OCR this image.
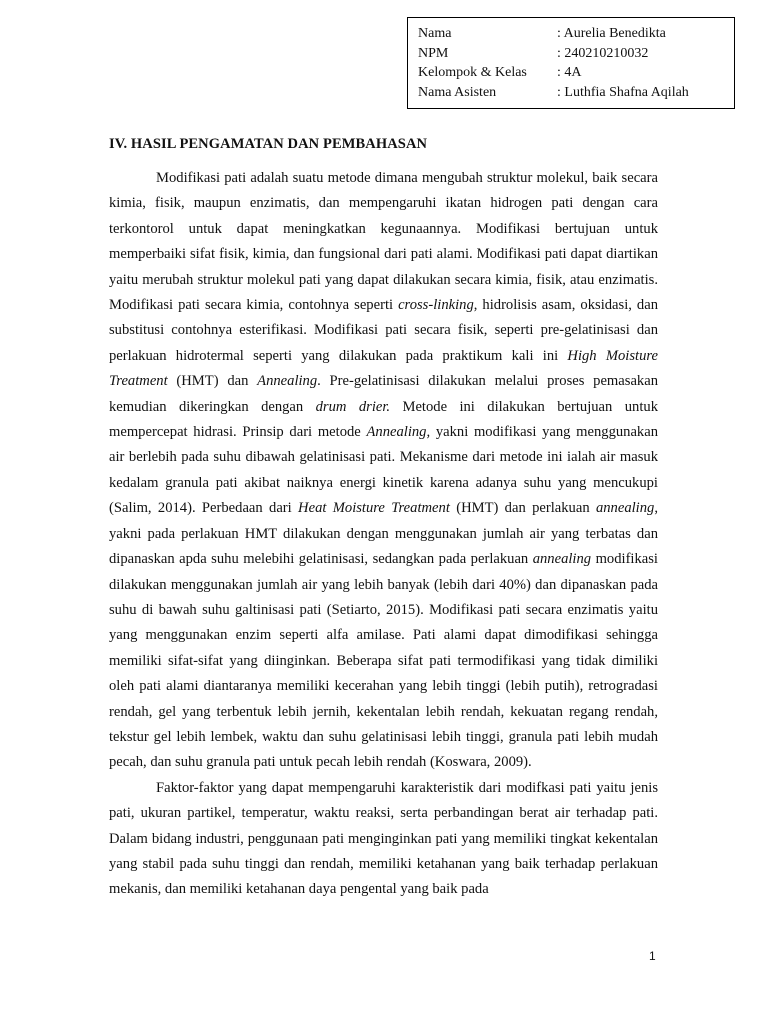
Nama	: Aurelia Benedikta
NPM	: 240210210032
Kelompok & Kelas	: 4A
Nama Asisten	: Luthfia Shafna Aqilah
IV. HASIL PENGAMATAN DAN PEMBAHASAN

Modifikasi pati adalah suatu metode dimana mengubah struktur molekul, baik secara kimia, fisik, maupun enzimatis, dan mempengaruhi ikatan hidrogen pati dengan cara terkontorol untuk dapat meningkatkan kegunaannya. Modifikasi bertujuan untuk memperbaiki sifat fisik, kimia, dan fungsional dari pati alami. Modifikasi pati dapat diartikan yaitu merubah struktur molekul pati yang dapat dilakukan secara kimia, fisik, atau enzimatis. Modifikasi pati secara kimia, contohnya seperti cross-linking, hidrolisis asam, oksidasi, dan substitusi contohnya esterifikasi. Modifikasi pati secara fisik, seperti pre-gelatinisasi dan perlakuan hidrotermal seperti yang dilakukan pada praktikum kali ini High Moisture Treatment (HMT) dan Annealing. Pre-gelatinisasi dilakukan melalui proses pemasakan kemudian dikeringkan dengan drum drier. Metode ini dilakukan bertujuan untuk mempercepat hidrasi. Prinsip dari metode Annealing, yakni modifikasi yang menggunakan air berlebih pada suhu dibawah gelatinisasi pati. Mekanisme dari metode ini ialah air masuk kedalam granula pati akibat naiknya energi kinetik karena adanya suhu yang mencukupi (Salim, 2014). Perbedaan dari Heat Moisture Treatment (HMT) dan perlakuan annealing, yakni pada perlakuan HMT dilakukan dengan menggunakan jumlah air yang terbatas dan dipanaskan apda suhu melebihi gelatinisasi, sedangkan pada perlakuan annealing modifikasi dilakukan menggunakan jumlah air yang lebih banyak (lebih dari 40%) dan dipanaskan pada suhu di bawah suhu galtinisasi pati (Setiarto, 2015). Modifikasi pati secara enzimatis yaitu yang menggunakan enzim seperti alfa amilase. Pati alami dapat dimodifikasi sehingga memiliki sifat-sifat yang diinginkan. Beberapa sifat pati termodifikasi yang tidak dimiliki oleh pati alami diantaranya memiliki kecerahan yang lebih tinggi (lebih putih), retrogradasi rendah, gel yang terbentuk lebih jernih, kekentalan lebih rendah, kekuatan regang rendah, tekstur gel lebih lembek, waktu dan suhu gelatinisasi lebih tinggi, granula pati lebih mudah pecah, dan suhu granula pati untuk pecah lebih rendah (Koswara, 2009).

Faktor-faktor yang dapat mempengaruhi karakteristik dari modifkasi pati yaitu jenis pati, ukuran partikel, temperatur, waktu reaksi, serta perbandingan berat air terhadap pati. Dalam bidang industri, penggunaan pati menginginkan pati yang memiliki tingkat kekentalan yang stabil pada suhu tinggi dan rendah, memiliki ketahanan yang baik terhadap perlakuan mekanis, dan memiliki ketahanan daya pengental yang baik pada

1
